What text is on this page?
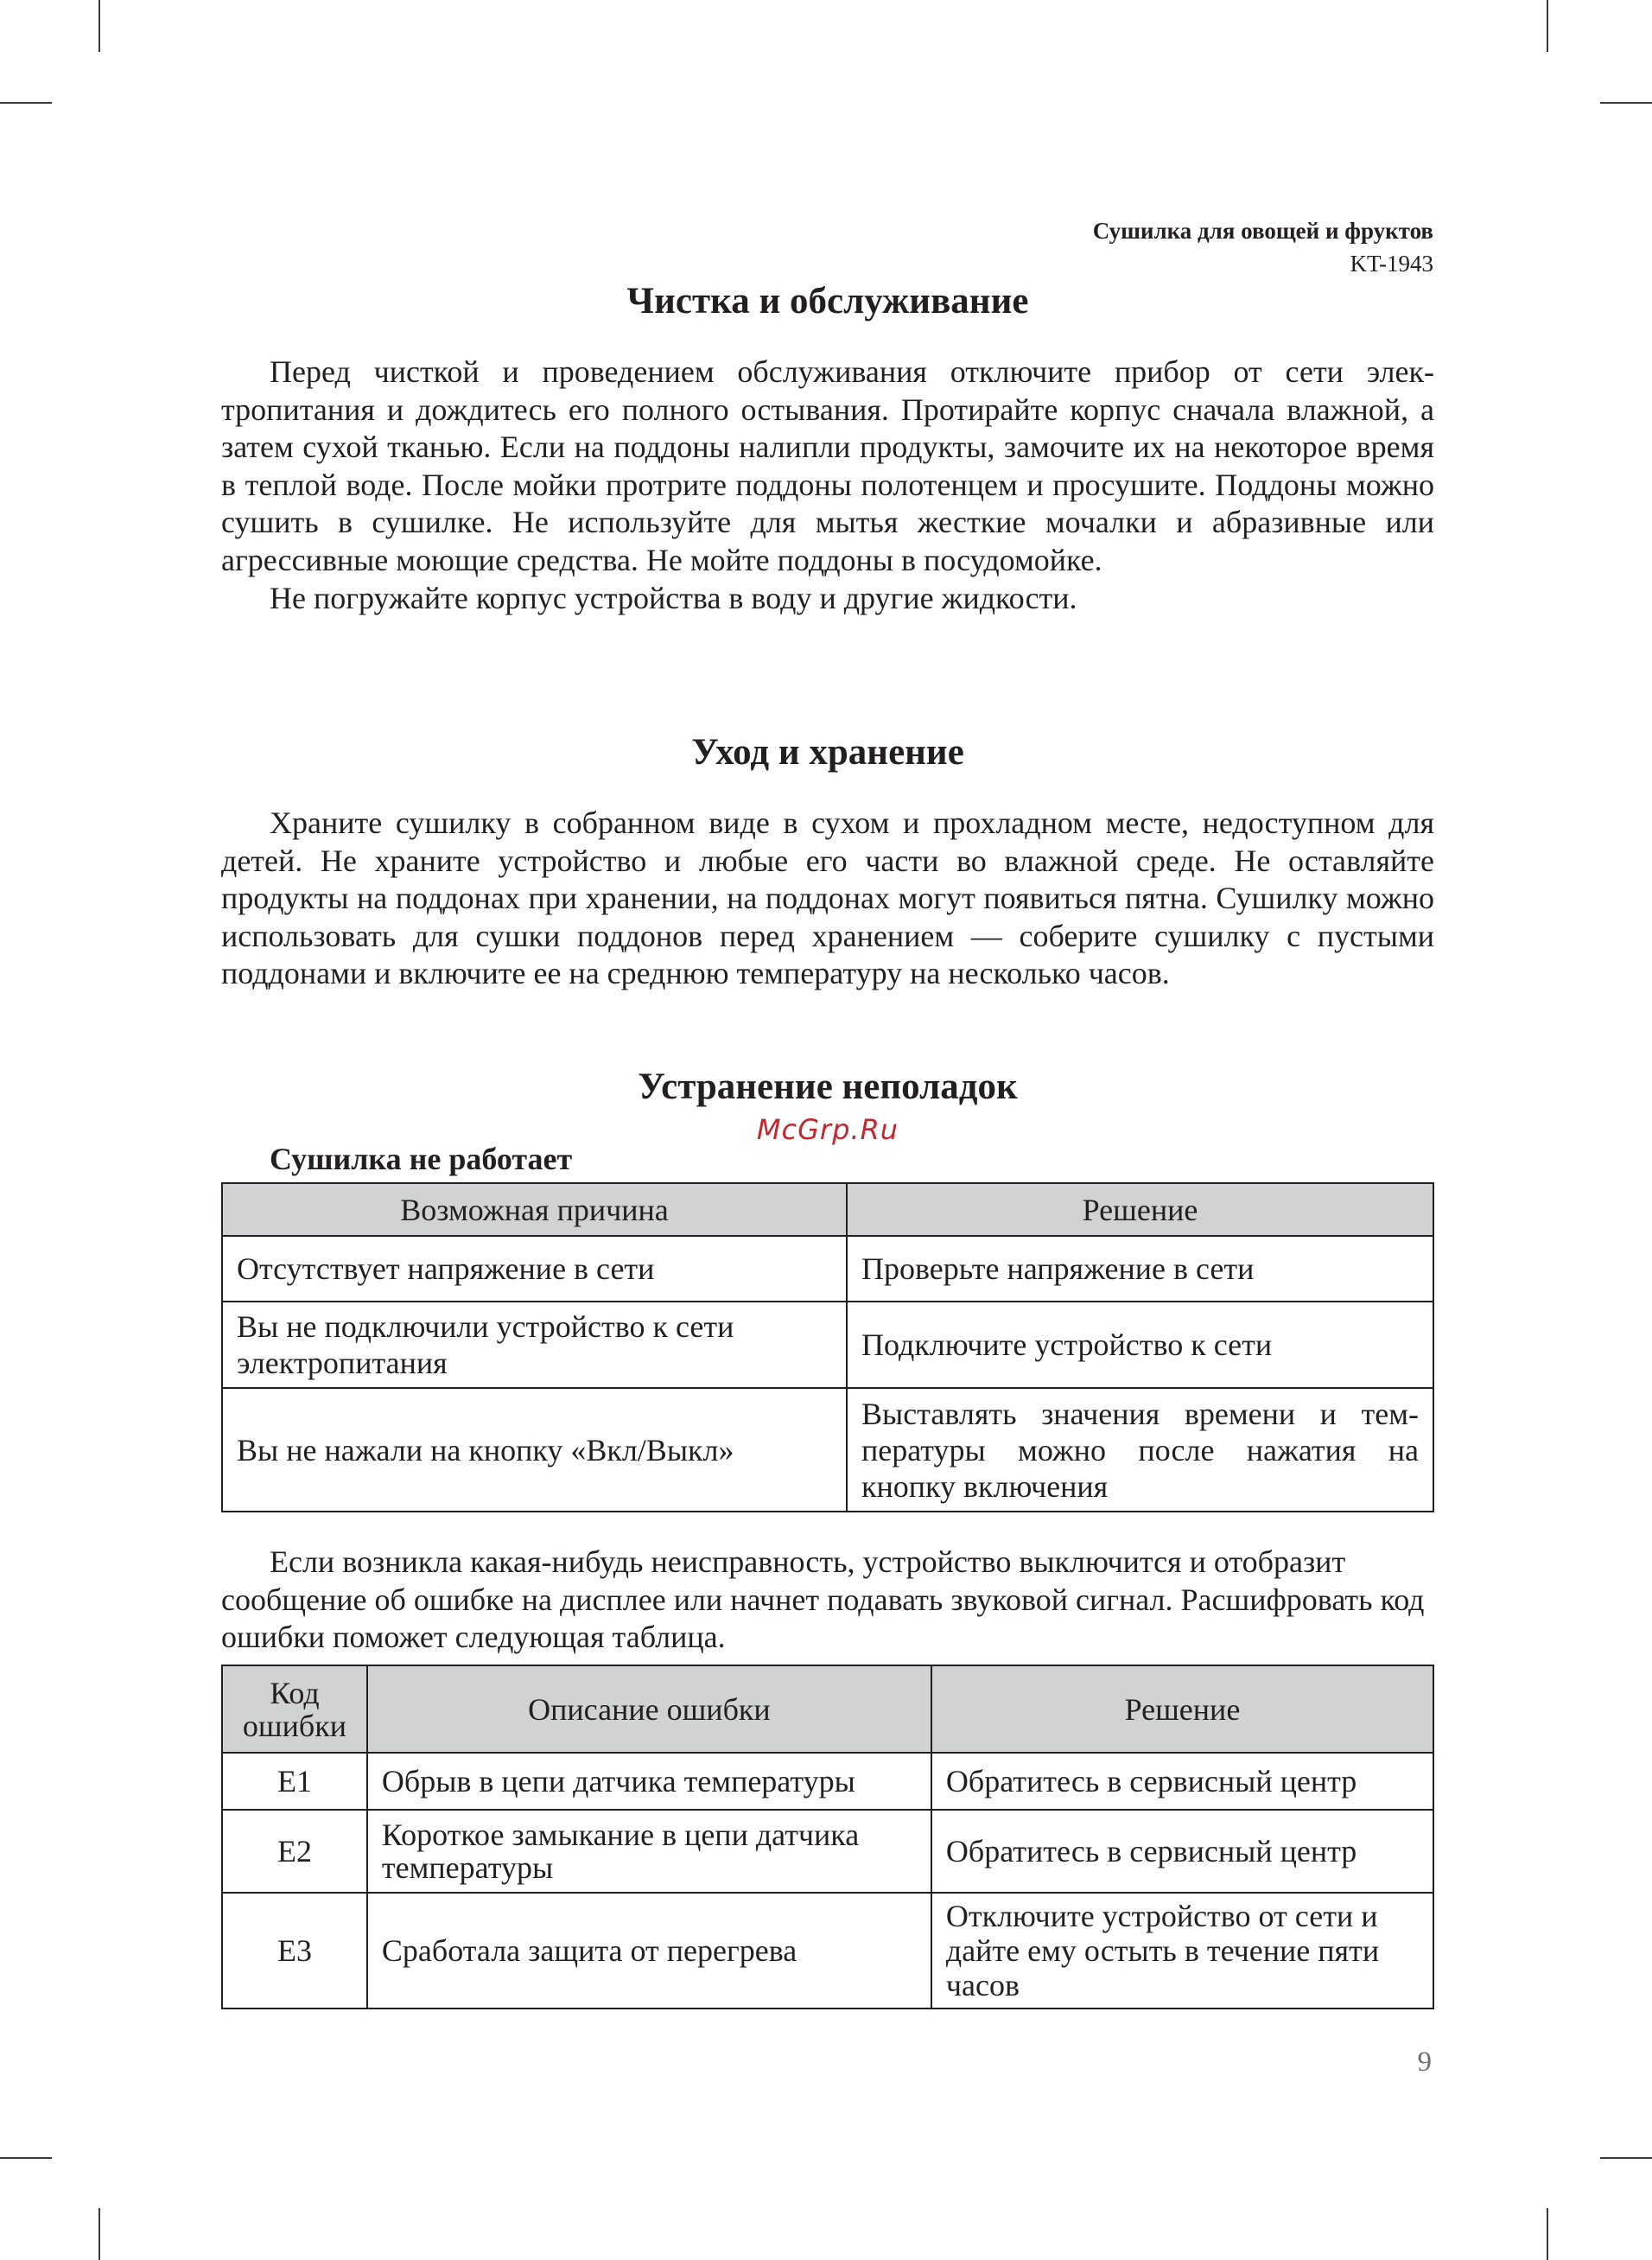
Сушилка для овощей и фруктов
KT-1943
Чистка и обслуживание

Перед чисткой и проведением обслуживания отключите прибор от сети электропитания и дождитесь его полного остывания. Протирайте корпус сначала влажной, а затем сухой тканью. Если на поддоны налипли продукты, замочите их на некоторое время в теплой воде. После мойки протрите поддоны полотенцем и просушите. Поддоны можно сушить в сушилке. Не используйте для мытья жесткие мочалки и абразивные или агрессивные моющие средства. Не мойте поддоны в посудомойке.

Не погружайте корпус устройства в воду и другие жидкости.

Уход и хранение

Храните сушилку в собранном виде в сухом и прохладном месте, недоступном для детей. Не храните устройство и любые его части во влажной среде. Не оставляйте продукты на поддонах при хранении, на поддонах могут появиться пятна. Сушилку можно использовать для сушки поддонов перед хранением — соберите сушилку с пустыми поддонами и включите ее на среднюю температуру на несколько часов.

Устранение неполадок
McGrp.Ru
Сушилка не работает
Возможная причина	Решение
Отсутствует напряжение в сети	Проверьте напряжение в сети
Вы не подключили устройство к сети электропитания	Подключите устройство к сети
Вы не нажали на кнопку «Вкл/Выкл»	Выставлять значения времени и температуры можно после нажатия на кнопку включения

Если возникла какая-нибудь неисправность, устройство выключится и отобразит сообщение об ошибке на дисплее или начнет подавать звуковой сигнал. Расшифровать код ошибки поможет следующая таблица.

Код ошибки	Описание ошибки	Решение
E1	Обрыв в цепи датчика температуры	Обратитесь в сервисный центр
E2	Короткое замыкание в цепи датчика температуры	Обратитесь в сервисный центр
E3	Сработала защита от перегрева	Отключите устройство от сети и дайте ему остыть в течение пяти часов
9
